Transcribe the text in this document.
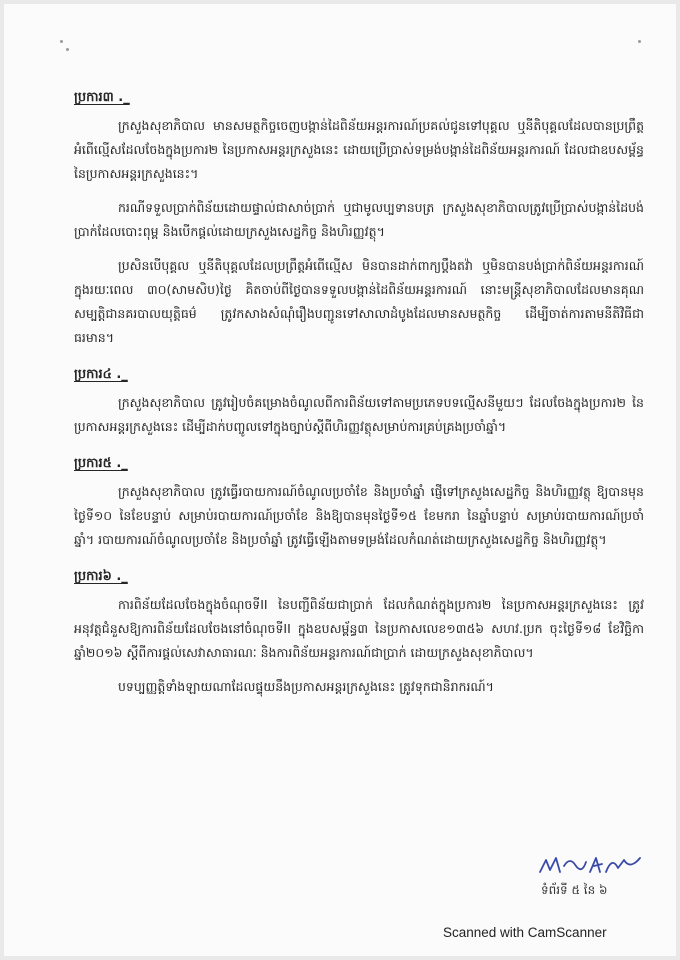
ប្រការ៣ ._

ក្រសួងសុខាភិបាល មានសមត្ថកិច្ចចេញបង្កាន់ដៃពិន័យអន្តរការណ៍ប្រគល់ជូនទៅបុគ្គល ឬនីតិបុគ្គលដែលបានប្រព្រឹត្តអំពើល្មើសដែលចែងក្នុងប្រការ២ នៃប្រកាសអន្តរក្រសួងនេះ ដោយប្រើប្រាស់ទម្រង់បង្កាន់ដៃពិន័យអន្តរការណ៍ ដែលជាឧបសម្ព័ន្ធនៃប្រកាសអន្តរក្រសួងនេះ។

ករណីទទួលប្រាក់ពិន័យដោយផ្ទាល់ជាសាច់ប្រាក់ ឬជាមូលប្បទានបត្រ ក្រសួងសុខាភិបាលត្រូវប្រើប្រាស់បង្កាន់ដៃបង់ប្រាក់ដែលបោះពុម្ព និងបើកផ្តល់ដោយក្រសួងសេដ្ឋកិច្ច និងហិរញ្ញវត្ថុ។

ប្រសិនបើបុគ្គល ឬនីតិបុគ្គលដែលប្រព្រឹត្តអំពើល្មើស មិនបានដាក់ពាក្យប្តឹងតវ៉ា ឬមិនបានបង់ប្រាក់ពិន័យអន្តរការណ៍ក្នុងរយៈពេល ៣០(សាមសិប)ថ្ងៃ គិតចាប់ពីថ្ងៃបានទទួលបង្កាន់ដៃពិន័យអន្តរការណ៍ នោះមន្ត្រីសុខាភិបាលដែលមានគុណសម្បត្តិជានគរបាលយុត្តិធម៌ ត្រូវកសាងសំណុំរឿងបញ្ជូនទៅសាលាដំបូងដែលមានសមត្ថកិច្ច ដើម្បីចាត់ការតាមនីតិវិធីជាធរមាន។

ប្រការ៤ ._

ក្រសួងសុខាភិបាល ត្រូវរៀបចំគម្រោងចំណូលពីការពិន័យទៅតាមប្រភេទបទល្មើសនីមួយៗ ដែលចែងក្នុងប្រការ២ នៃប្រកាសអន្តរក្រសួងនេះ ដើម្បីដាក់បញ្ចូលទៅក្នុងច្បាប់ស្តីពីហិរញ្ញវត្ថុសម្រាប់ការគ្រប់គ្រងប្រចាំឆ្នាំ។

ប្រការ៥ ._

ក្រសួងសុខាភិបាល ត្រូវធ្វើរបាយការណ៍ចំណូលប្រចាំខែ និងប្រចាំឆ្នាំ ផ្ញើទៅក្រសួងសេដ្ឋកិច្ច និងហិរញ្ញវត្ថុ ឱ្យបានមុនថ្ងៃទី១០ នៃខែបន្ទាប់ សម្រាប់របាយការណ៍ប្រចាំខែ និងឱ្យបានមុនថ្ងៃទី១៥ ខែមករា នៃឆ្នាំបន្ទាប់ សម្រាប់របាយការណ៍ប្រចាំឆ្នាំ។ របាយការណ៍ចំណូលប្រចាំខែ និងប្រចាំឆ្នាំ ត្រូវធ្វើឡើងតាមទម្រង់ដែលកំណត់ដោយក្រសួងសេដ្ឋកិច្ច និងហិរញ្ញវត្ថុ។

ប្រការ៦ ._

ការពិន័យដែលចែងក្នុងចំណុចទីII នៃបញ្ជីពិន័យជាប្រាក់ ដែលកំណត់ក្នុងប្រការ២ នៃប្រកាសអន្តរក្រសួងនេះ ត្រូវអនុវត្តជំនួសឱ្យការពិន័យដែលចែងនៅចំណុចទីII ក្នុងឧបសម្ព័ន្ធ៣ នៃប្រកាសលេខ១៣៥៦ សហវ.ប្រក ចុះថ្ងៃទី១៨ ខែវិច្ឆិកា ឆ្នាំ២០១៦ ស្តីពីការផ្តល់សេវាសាធារណៈ និងការពិន័យអន្តរការណ៍ជាប្រាក់ ដោយក្រសួងសុខាភិបាល។

បទប្បញ្ញត្តិទាំងឡាយណាដែលផ្ទុយនឹងប្រកាសអន្តរក្រសួងនេះ ត្រូវទុកជានិរាករណ៍។

ទំព័រទី ៥ នៃ ៦
Scanned with CamScanner
